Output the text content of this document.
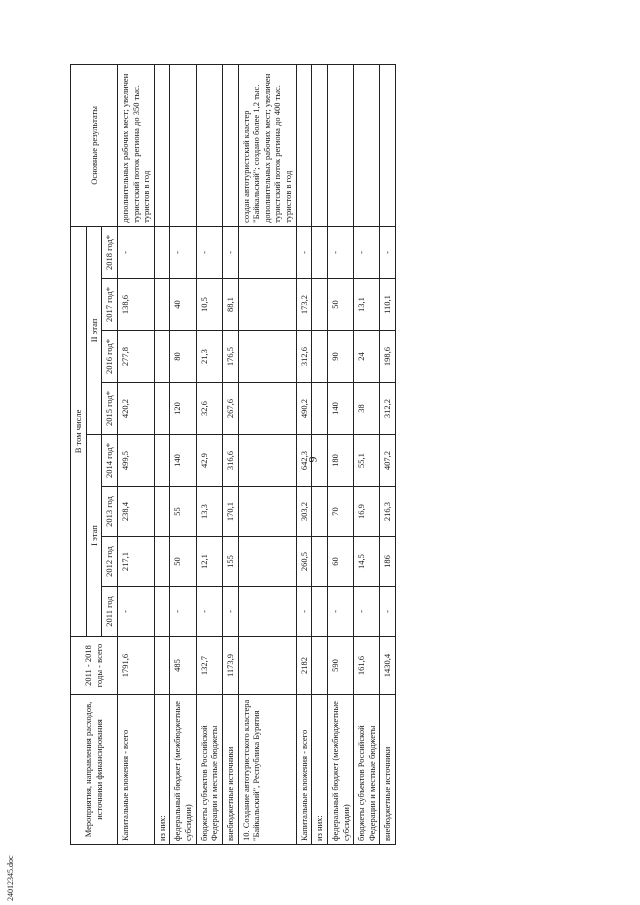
9
Мероприятия, направления расходов, источники финансирования	2011 - 2018 годы - всего	В том числе								Основные результаты
		I этап				II этап				
		2011 год	2012 год	2013 год	2014 год*	2015 год*	2016 год*	2017 год*	2018 год*	
Капитальные вложения - всего	1791,6	-	217,1	238,4	499,5	420,2	277,8	138,6	-	дополнительных рабочих мест; увеличен туристский поток региона до 350 тыс. туристов в год
из них:										
федеральный бюджет (межбюджетные субсидии)	485	-	50	55	140	120	80	40	-	
бюджеты субъектов Российской Федерации и местные бюджеты	132,7	-	12,1	13,3	42,9	32,6	21,3	10,5	-	
внебюджетные источники	1173,9	-	155	170,1	316,6	267,6	176,5	88,1	-	
10. Создание автотуристского кластера "Байкальский", Республика Бурятия										создан автотуристский кластер "Байкальский"; создано более 1,2 тыс. дополнительных рабочих мест; увеличен туристский поток региона до 400 тыс. туристов в год
Капитальные вложения - всего	2182	-	260,5	303,2	642,3	490,2	312,6	173,2	-	
из них:										
федеральный бюджет (межбюджетные субсидии)	590	-	60	70	180	140	90	50	-	
бюджеты субъектов Российской Федерации и местные бюджеты	161,6	-	14,5	16,9	55,1	38	24	13,1	-	
внебюджетные источники	1430,4	-	186	216,3	407,2	312,2	198,6	110,1	-	
24012345.doc
